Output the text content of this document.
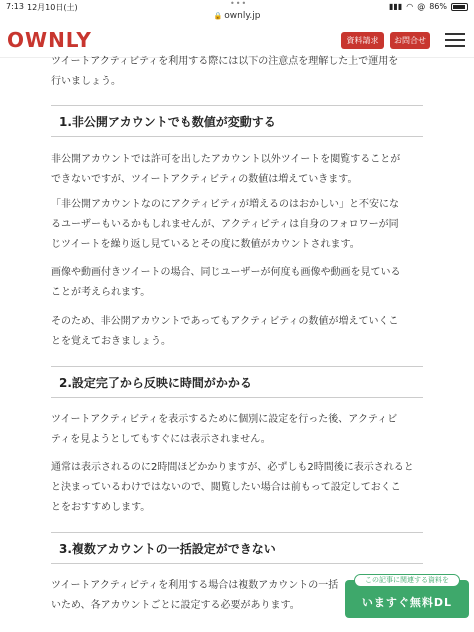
7:13 12月10日(土)	•••	▮▮▮ ◠ @ 86%
🔒 ownly.jp
OWNLY	資料請求	お問合せ

ツイートアクティビティを利用する際には以下の注意点を理解した上で運用を
行いましょう。

1.非公開アカウントでも数値が変動する

非公開アカウントでは許可を出したアカウント以外ツイートを閲覧することが
できないですが、ツイートアクティビティの数値は増えていきます。

「非公開アカウントなのにアクティビティが増えるのはおかしい」と不安にな
るユーザーもいるかもしれませんが、アクティビティは自身のフォロワーが同
じツイートを繰り返し見ているとその度に数値がカウントされます。

画像や動画付きツイートの場合、同じユーザーが何度も画像や動画を見ている
ことが考えられます。

そのため、非公開アカウントであってもアクティビティの数値が増えていくこ
とを覚えておきましょう。

2.設定完了から反映に時間がかかる

ツイートアクティビティを表示するために個別に設定を行った後、アクティビ
ティを見ようとしてもすぐには表示されません。

通常は表示されるのに2時間ほどかかりますが、必ずしも2時間後に表示されると
と決まっているわけではないので、閲覧したい場合は前もって設定しておくこ
とをおすすめします。

3.複数アカウントの一括設定ができない

ツイートアクティビティを利用する場合は複数アカウントの一括
いため、各アカウントごとに設定する必要があります。

この記事に関連する資料を
いますぐ無料DL
